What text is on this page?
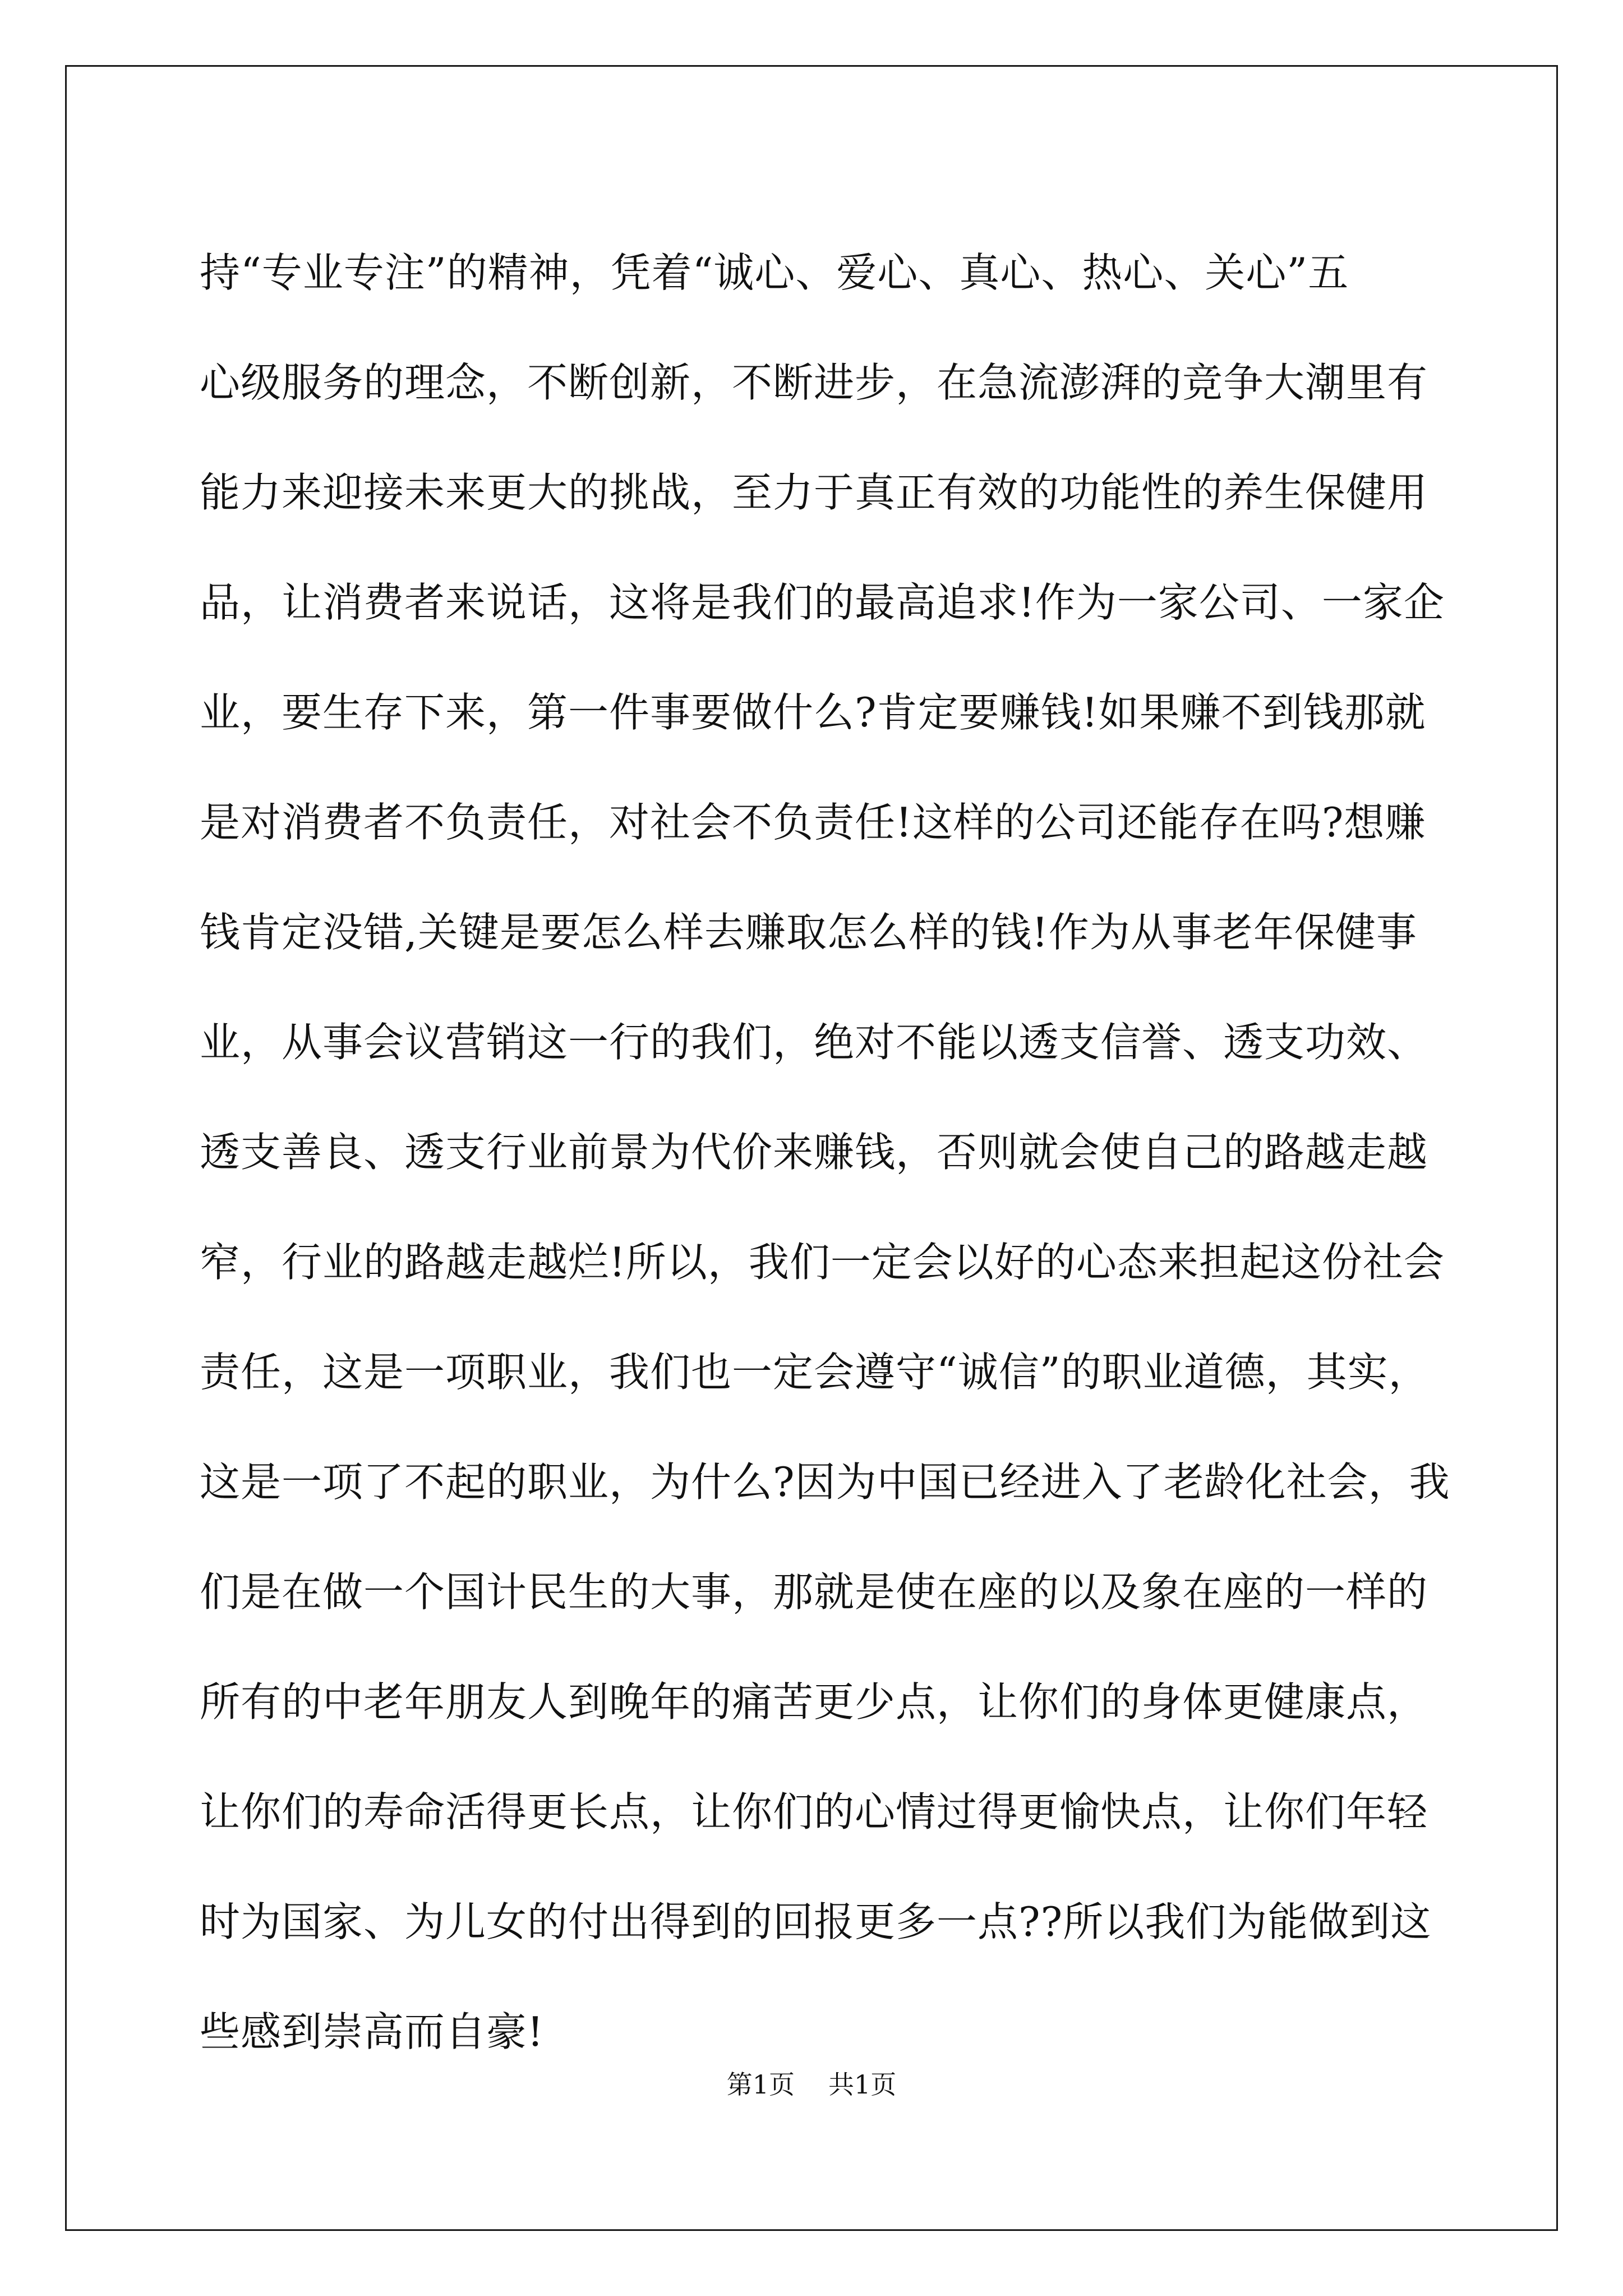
持“专业专注”的精神，凭着“诚心、爱心、真心、热心、关心”五
心级服务的理念，不断创新，不断进步，在急流澎湃的竞争大潮里有
能力来迎接未来更大的挑战，至力于真正有效的功能性的养生保健用
品，让消费者来说话，这将是我们的最高追求!作为一家公司、一家企
业，要生存下来，第一件事要做什么?肯定要赚钱!如果赚不到钱那就
是对消费者不负责任，对社会不负责任!这样的公司还能存在吗?想赚
钱肯定没错,关键是要怎么样去赚取怎么样的钱!作为从事老年保健事
业，从事会议营销这一行的我们，绝对不能以透支信誉、透支功效、
透支善良、透支行业前景为代价来赚钱，否则就会使自己的路越走越
窄，行业的路越走越烂!所以，我们一定会以好的心态来担起这份社会
责任，这是一项职业，我们也一定会遵守“诚信”的职业道德，其实，
这是一项了不起的职业，为什么?因为中国已经进入了老龄化社会，我
们是在做一个国计民生的大事，那就是使在座的以及象在座的一样的
所有的中老年朋友人到晚年的痛苦更少点，让你们的身体更健康点，
让你们的寿命活得更长点，让你们的心情过得更愉快点，让你们年轻
时为国家、为儿女的付出得到的回报更多一点??所以我们为能做到这
些感到崇高而自豪!
第1页 共1页
